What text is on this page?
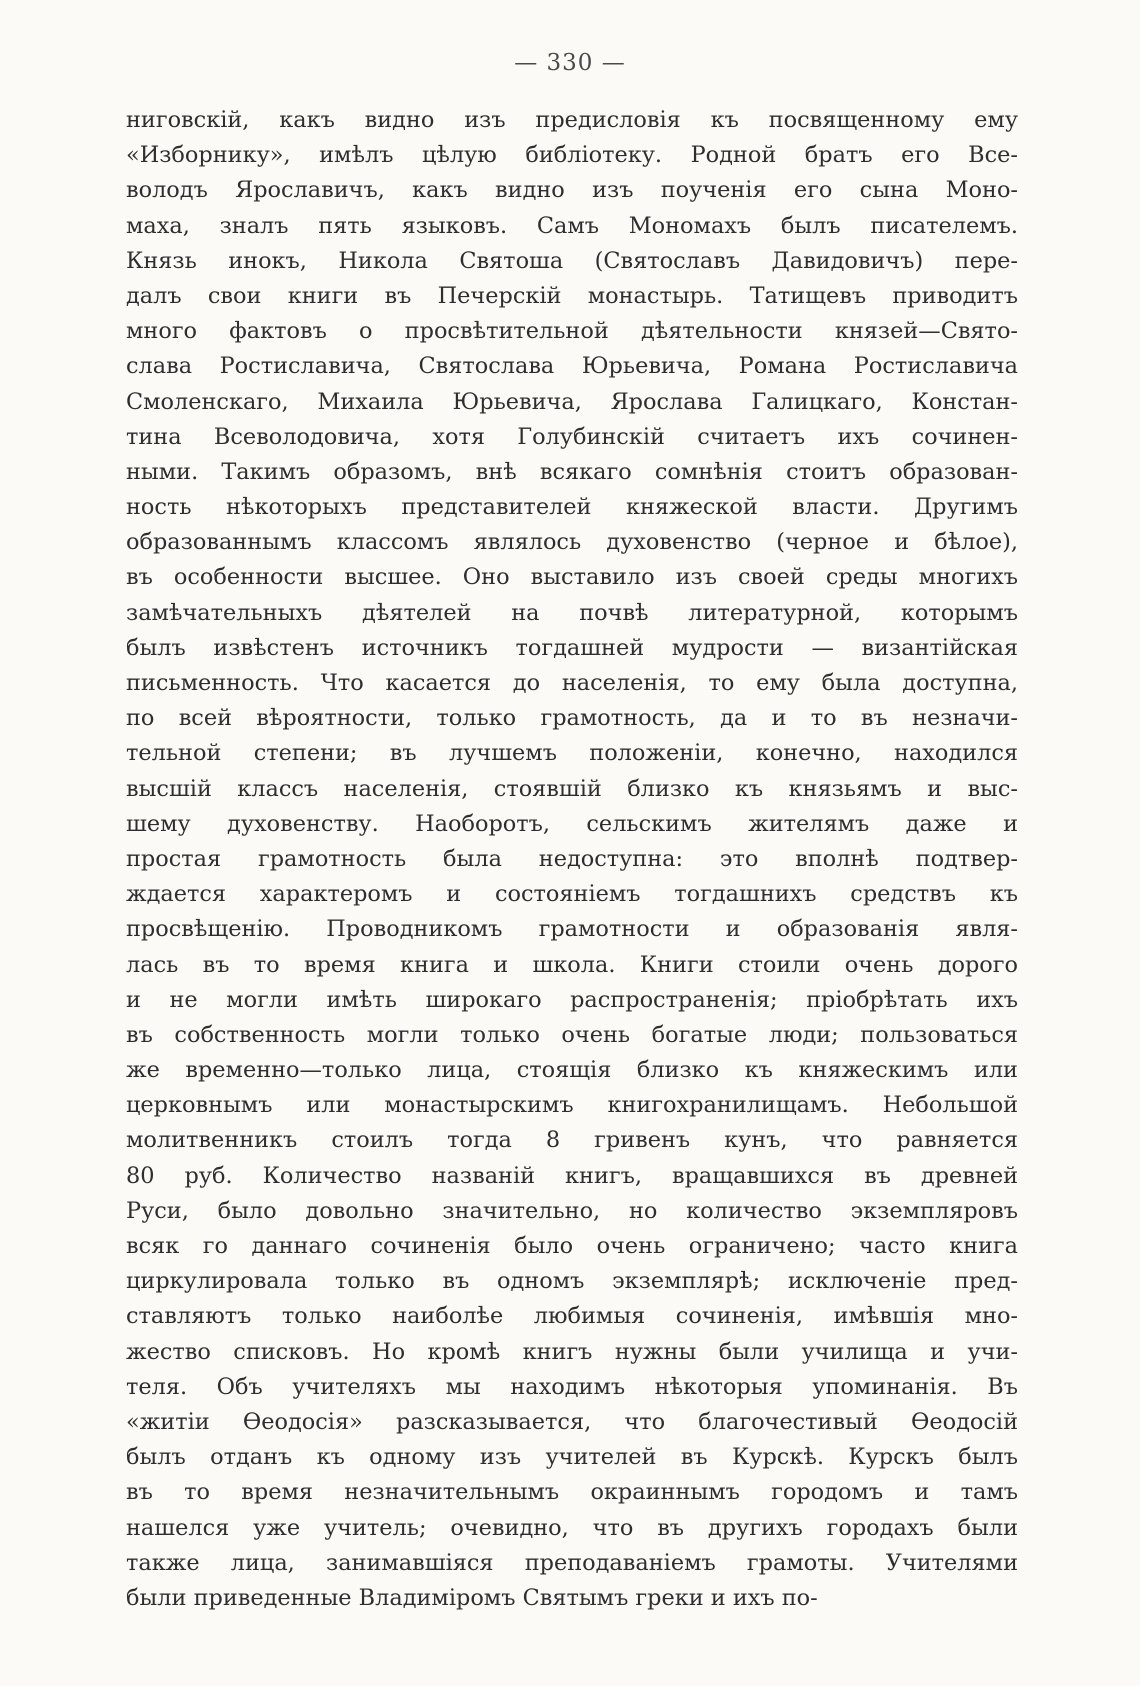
— 330 —
ниговскій, какъ видно изъ предисловія къ посвященному ему
«Изборнику», имѣлъ цѣлую библіотеку. Родной братъ его Все-
володъ Ярославичъ, какъ видно изъ поученія его сына Моно-
маха, зналъ пять языковъ. Самъ Мономахъ былъ писателемъ.
Князь инокъ, Никола Святоша (Святославъ Давидовичъ) пере-
далъ свои книги въ Печерскій монастырь. Татищевъ приводитъ
много фактовъ о просвѣтительной дѣятельности князей—Свято-
слава Ростиславича, Святослава Юрьевича, Романа Ростиславича
Смоленскаго, Михаила Юрьевича, Ярослава Галицкаго, Констан-
тина Всеволодовича, хотя Голубинскій считаетъ ихъ сочинен-
ными. Такимъ образомъ, внѣ всякаго сомнѣнія стоитъ образован-
ность нѣкоторыхъ представителей княжеской власти. Другимъ
образованнымъ классомъ являлось духовенство (черное и бѣлое),
въ особенности высшее. Оно выставило изъ своей среды многихъ
замѣчательныхъ дѣятелей на почвѣ литературной, которымъ
былъ извѣстенъ источникъ тогдашней мудрости — византійская
письменность. Что касается до населенія, то ему была доступна,
по всей вѣроятности, только грамотность, да и то въ незначи-
тельной степени; въ лучшемъ положеніи, конечно, находился
высшій классъ населенія, стоявшій близко къ князьямъ и выс-
шему духовенству. Наоборотъ, сельскимъ жителямъ даже и
простая грамотность была недоступна: это вполнѣ подтвер-
ждается характеромъ и состояніемъ тогдашнихъ средствъ къ
просвѣщенію. Проводникомъ грамотности и образованія явля-
лась въ то время книга и школа. Книги стоили очень дорого
и не могли имѣть широкаго распространенія; пріобрѣтать ихъ
въ собственность могли только очень богатые люди; пользоваться
же временно—только лица, стоящія близко къ княжескимъ или
церковнымъ или монастырскимъ книгохранилищамъ. Небольшой
молитвенникъ стоилъ тогда 8 гривенъ кунъ, что равняется
80 руб. Количество названій книгъ, вращавшихся въ древней
Руси, было довольно значительно, но количество экземпляровъ
всяк го даннаго сочиненія было очень ограничено; часто книга
циркулировала только въ одномъ экземплярѣ; исключеніе пред-
ставляютъ только наиболѣе любимыя сочиненія, имѣвшія мно-
жество списковъ. Но кромѣ книгъ нужны были училища и учи-
теля. Объ учителяхъ мы находимъ нѣкоторыя упоминанія. Въ
«житіи Өеодосія» разсказывается, что благочестивый Өеодосій
былъ отданъ къ одному изъ учителей въ Курскѣ. Курскъ былъ
въ то время незначительнымъ окраиннымъ городомъ и тамъ
нашелся уже учитель; очевидно, что въ другихъ городахъ были
также лица, занимавшіяся преподаваніемъ грамоты. Учителями
были приведенные Владиміромъ Святымъ греки и ихъ по-
